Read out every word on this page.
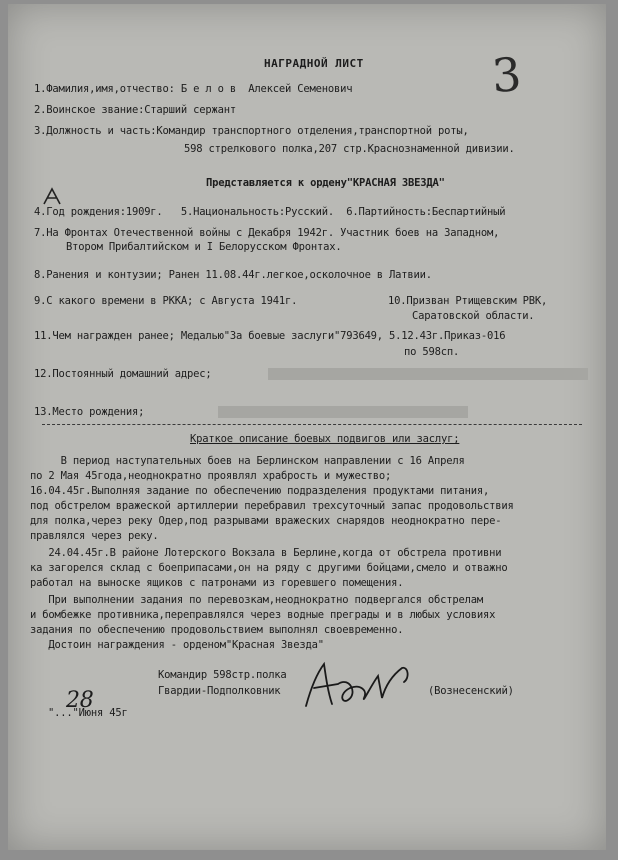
НАГРАДНОЙ ЛИСТ	3
1.Фамилия,имя,отчество: Б е л о в  Алексей Семенович
2.Воинское звание:Старший сержант
3.Должность и часть:Командир транспортного отделения,транспортной роты,
598 стрелкового полка,207 стр.Краснознаменной дивизии.
Представляется к ордену"КРАСНАЯ ЗВЕЗДА"
4.Год рождения:1909г.   5.Национальность:Русский.  6.Партийность:Беспартийный
7.На Фронтах Отечественной войны с Декабря 1942г. Участник боев на Западном,
Втором Прибалтийском и I Белорусском Фронтах.
8.Ранения и контузии; Ранен 11.08.44г.легкое,осколочное в Латвии.
9.С какого времени в РККА; с Августа 1941г.	10.Призван Ртищевским РВК,
Саратовской области.
11.Чем награжден ранее; Медалью"За боевые заслуги"793649, 5.12.43г.Приказ-016
по 598сп.
12.Постоянный домашний адрес;
13.Место рождения;
Краткое описание боевых подвигов или заслуг;
В период наступательных боев на Берлинском направлении с 16 Апреля
по 2 Мая 45года,неоднократно проявлял храбрость и мужество;
16.04.45г.Выполняя задание по обеспечению подразделения продуктами питания,
под обстрелом вражеской артиллерии перебравил трехсуточный запас продовольствия
для полка,через реку Одер,под разрывами вражеских снарядов неоднократно пере-
правлялся через реку.
24.04.45г.В районе Лотерского Вокзала в Берлине,когда от обстрела противни
ка загорелся склад с боеприпасами,он на ряду с другими бойцами,смело и отважно
работал на выноске ящиков с патронами из горевшего помещения.
При выполнении задания по перевозкам,неоднократно подвергался обстрелам
и бомбежке противника,переправлялся через водные преграды и в любых условиях
задания по обеспечению продовольствием выполнял своевременно.
Достоин награждения - орденом"Красная Звезда"
Командир 598стр.полка
Гвардии-Подполковник	(Вознесенский)
28
"..."Июня 45г
